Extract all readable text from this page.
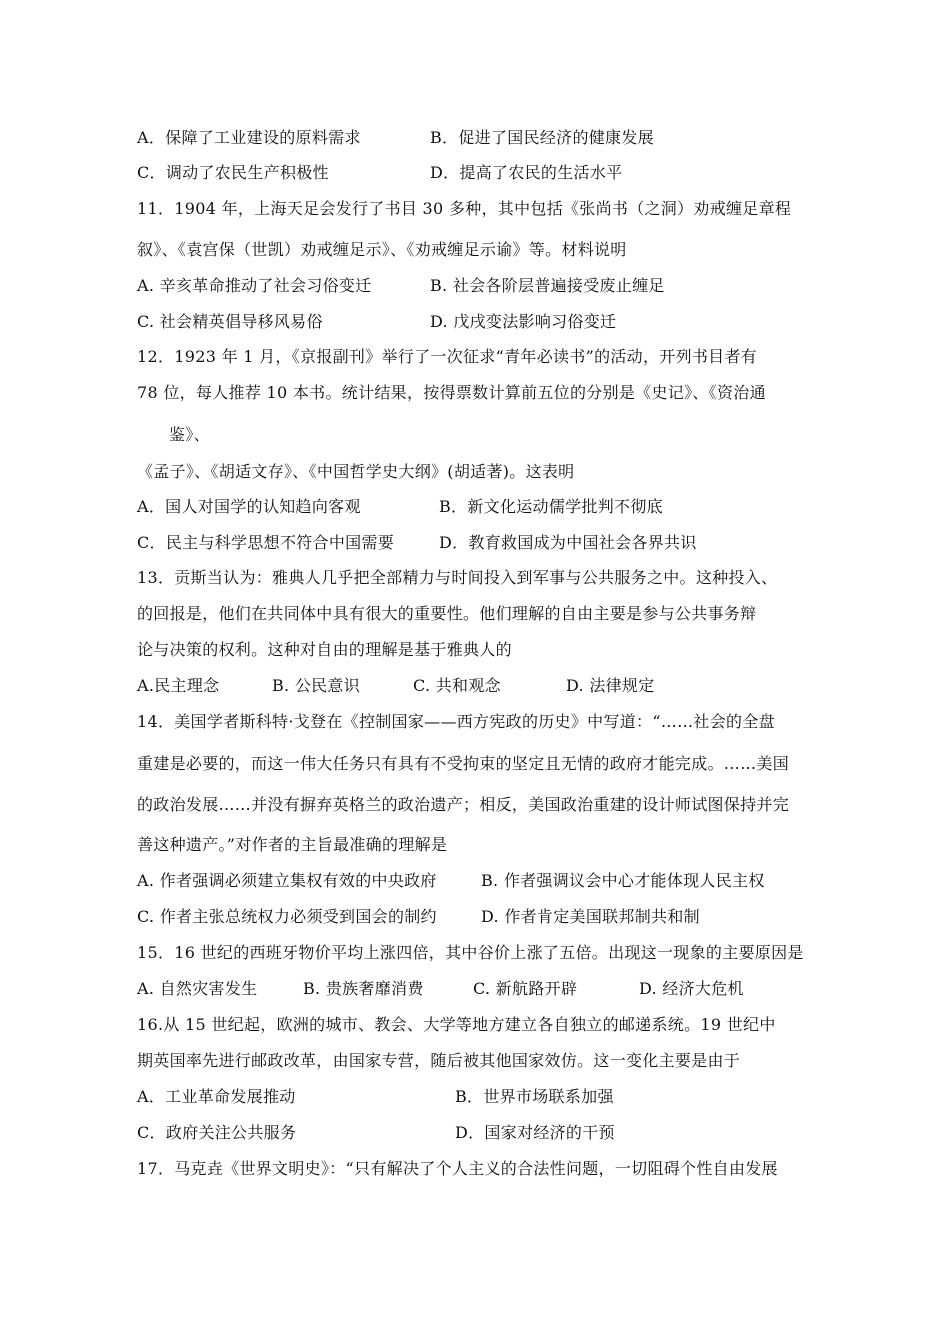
A．保障了工业建设的原料需求	B．促进了国民经济的健康发展
C．调动了农民生产积极性	D．提高了农民的生活水平
11．1904 年，上海天足会发行了书目 30 多种，其中包括《张尚书（之洞）劝戒缠足章程
叙》、《袁宫保（世凯）劝戒缠足示》、《劝戒缠足示谕》等。材料说明
A. 辛亥革命推动了社会习俗变迁	B. 社会各阶层普遍接受废止缠足
C. 社会精英倡导移风易俗	D. 戊戌变法影响习俗变迁
12．1923 年 1 月，《京报副刊》举行了一次征求“青年必读书”的活动，开列书目者有
78 位，每人推荐 10 本书。统计结果，按得票数计算前五位的分别是《史记》、《资治通
鉴》、
《孟子》、《胡适文存》、《中国哲学史大纲》(胡适著)。这表明
A．国人对国学的认知趋向客观	B．新文化运动儒学批判不彻底
C．民主与科学思想不符合中国需要	D．教育救国成为中国社会各界共识
13．贡斯当认为：雅典人几乎把全部精力与时间投入到军事与公共服务之中。这种投入、
的回报是，他们在共同体中具有很大的重要性。他们理解的自由主要是参与公共事务辩
论与决策的权利。这种对自由的理解是基于雅典人的
A.民主理念	B. 公民意识	C. 共和观念	D. 法律规定
14．美国学者斯科特·戈登在《控制国家——西方宪政的历史》中写道：“……社会的全盘
重建是必要的，而这一伟大任务只有具有不受拘束的坚定且无情的政府才能完成。……美国
的政治发展……并没有摒弃英格兰的政治遗产；相反，美国政治重建的设计师试图保持并完
善这种遗产。”对作者的主旨最准确的理解是
A. 作者强调必须建立集权有效的中央政府	B. 作者强调议会中心才能体现人民主权
C. 作者主张总统权力必须受到国会的制约	D. 作者肯定美国联邦制共和制
15．16 世纪的西班牙物价平均上涨四倍，其中谷价上涨了五倍。出现这一现象的主要原因是
A. 自然灾害发生	B. 贵族奢靡消费	C. 新航路开辟	D. 经济大危机
16.从 15 世纪起，欧洲的城市、教会、大学等地方建立各自独立的邮递系统。19 世纪中
期英国率先进行邮政改革，由国家专营，随后被其他国家效仿。这一变化主要是由于
A．工业革命发展推动	B．世界市场联系加强
C．政府关注公共服务	D．国家对经济的干预
17．马克垚《世界文明史》：“只有解决了个人主义的合法性问题，一切阻碍个性自由发展
